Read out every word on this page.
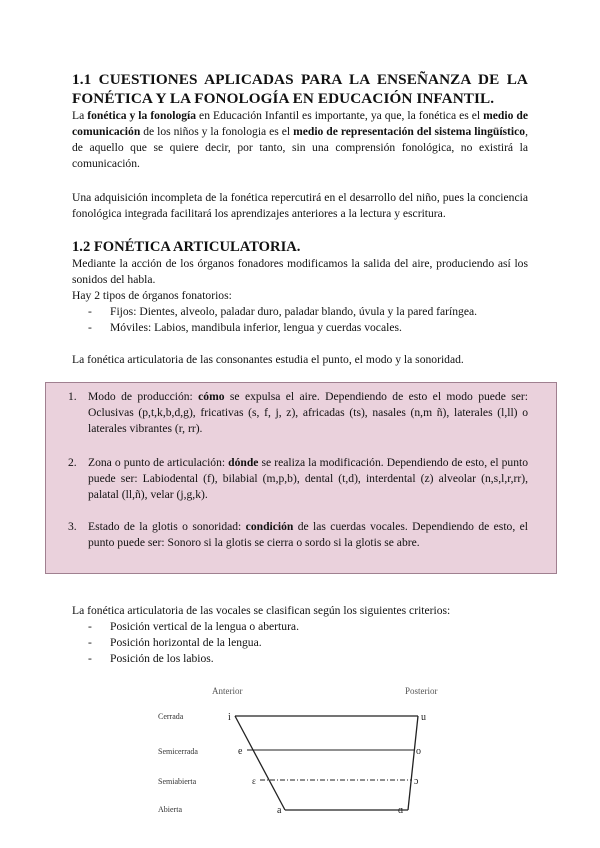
1.1 CUESTIONES APLICADAS PARA LA ENSEÑANZA DE LA FONÉTICA Y LA FONOLOGÍA EN EDUCACIÓN INFANTIL.
La fonética y la fonología en Educación Infantil es importante, ya que, la fonética es el medio de comunicación de los niños y la fonologia es el medio de representación del sistema lingüístico, de aquello que se quiere decir, por tanto, sin una comprensión fonológica, no existirá la comunicación.
Una adquisición incompleta de la fonética repercutirá en el desarrollo del niño, pues la conciencia fonológica integrada facilitará los aprendizajes anteriores a la lectura y escritura.
1.2 FONÉTICA ARTICULATORIA.
Mediante la acción de los órganos fonadores modificamos la salida del aire, produciendo así los sonidos del habla.
Hay 2 tipos de órganos fonatorios:
- Fijos: Dientes, alveolo, paladar duro, paladar blando, úvula y la pared faríngea.
- Móviles: Labios, mandibula inferior, lengua y cuerdas vocales.
La fonética articulatoria de las consonantes estudia el punto, el modo y la sonoridad.
1. Modo de producción: cómo se expulsa el aire. Dependiendo de esto el modo puede ser: Oclusivas (p,t,k,b,d,g), fricativas (s, f, j, z), africadas (ts), nasales (n,m ñ), laterales (l,ll) o laterales vibrantes (r, rr).
2. Zona o punto de articulación: dónde se realiza la modificación. Dependiendo de esto, el punto puede ser: Labiodental (f), bilabial (m,p,b), dental (t,d), interdental (z) alveolar (n,s,l,r,rr), palatal (ll,ñ), velar (j,g,k).
3. Estado de la glotis o sonoridad: condición de las cuerdas vocales. Dependiendo de esto, el punto puede ser: Sonoro si la glotis se cierra o sordo si la glotis se abre.
La fonética articulatoria de las vocales se clasifican según los siguientes criterios:
- Posición vertical de la lengua o abertura.
- Posición horizontal de la lengua.
- Posición de los labios.
Anterior	Posterior
Cerrada
Semicerrada
Semiabierta
Abierta
i
e
ɛ
a
u
o
ɔ
ɑ
